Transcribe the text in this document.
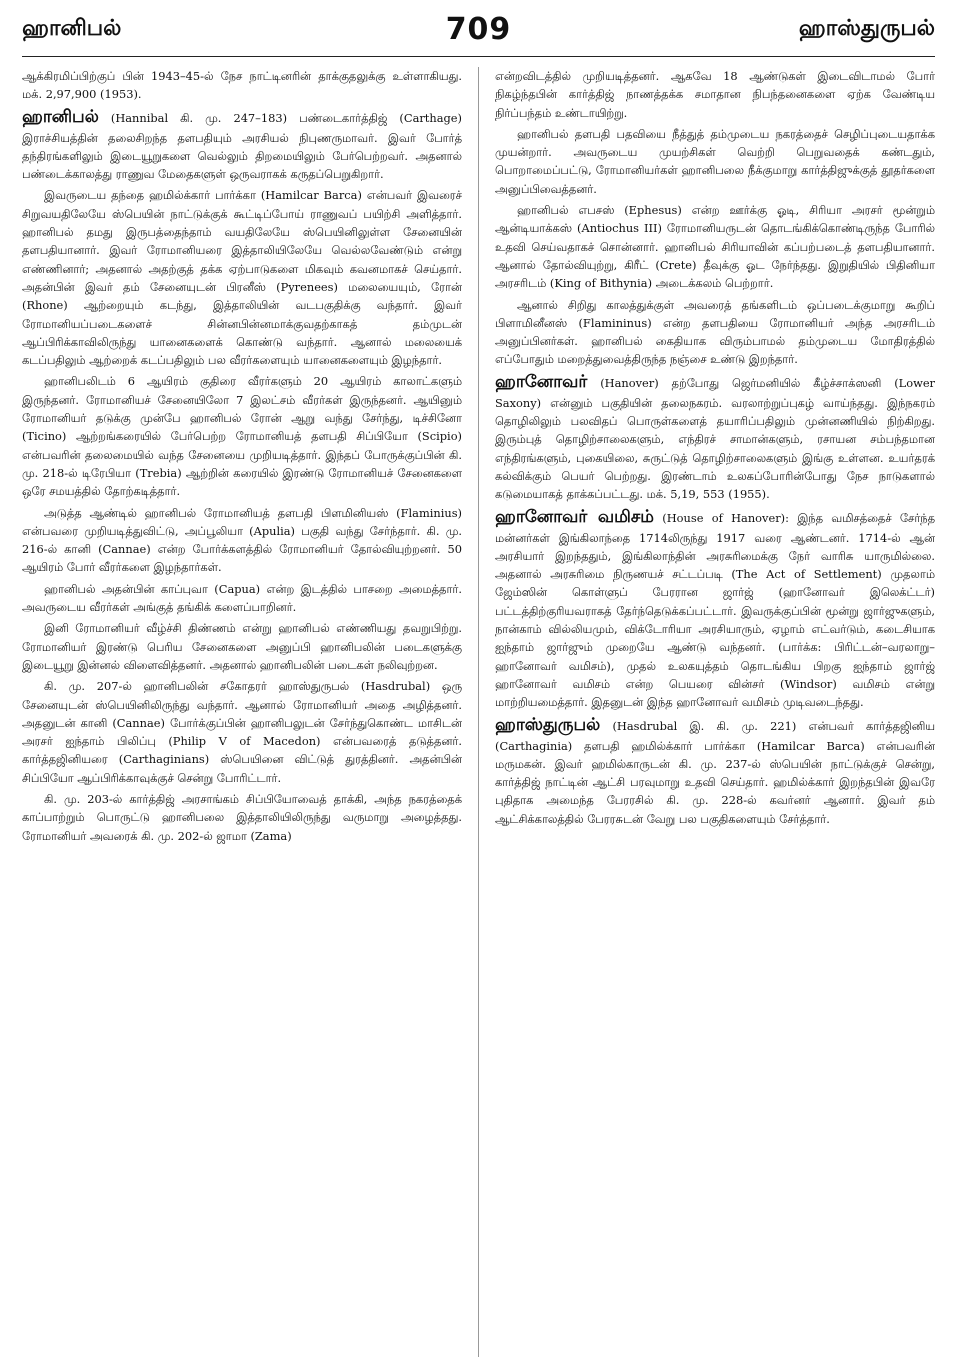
ஹானிபல்	709	ஹாஸ்துருபல்

ஆக்கிரமிப்பிற்குப் பின் 1943–45-ல் நேச நாட்டினரின் தாக்குதலுக்கு உள்ளாகியது. மக். 2,97,900 (1953).

ஹானிபல் (Hannibal கி. மு. 247–183) பண்டைகார்த்திஜ் (Carthage) இராச்சியத்தின் தலைசிறந்த தளபதியும் அரசியல் நிபுணருமாவர். இவர் போர்த் தந்திரங்களிலும் இடையூறுகளை வெல்லும் திறமையிலும் பேர்பெற்றவர். அதனால் பண்டைக்காலத்து ராணுவ மேதைகளுள் ஒருவராகக் கருதப்பெறுகிறார்.

இவருடைய தந்தை ஹமில்க்கார் பார்க்கா (Hamilcar Barca) என்பவர் இவரைச் சிறுவயதிலேயே ஸ்பெயின் நாட்டுக்குக் கூட்டிப்போய் ராணுவப் பயிற்சி அளித்தார். ஹானிபல் தமது இருபத்தைந்தாம் வயதிலேயே ஸ்பெயினிலுள்ள சேனையின் தளபதியானார். இவர் ரோமானியரை இத்தாலியிலேயே வெல்லவேண்டும் என்று எண்ணினார்; அதனால் அதற்குத் தக்க ஏற்பாடுகளை மிகவும் கவனமாகச் செய்தார். அதன்பின் இவர் தம் சேனையுடன் பிரனீஸ் (Pyrenees) மலையையும், ரோன் (Rhone) ஆற்றையும் கடந்து, இத்தாலியின் வடபகுதிக்கு வந்தார். இவர் ரோமானியப்படைகளைச் சின்னபின்னமாக்குவதற்காகத் தம்முடன் ஆப்பிரிக்காவிலிருந்து யானைகளைக் கொண்டு வந்தார். ஆனால் மலையைக் கடப்பதிலும் ஆற்றைக் கடப்பதிலும் பல வீரர்களையும் யானைகளையும் இழந்தார்.

ஹானிபலிடம் 6 ஆயிரம் குதிரை வீரர்களும் 20 ஆயிரம் காலாட்களும் இருந்தனர். ரோமானியச் சேனையிலோ 7 இலட்சம் வீரர்கள் இருந்தனர். ஆயினும் ரோமானியர் தடுக்கு முன்பே ஹானிபல் ரோன் ஆறு வந்து சேர்ந்து, டிச்சினோ (Ticino) ஆற்றங்கரையில் பேர்பெற்ற ரோமானியத் தளபதி சிப்பியோ (Scipio) என்பவரின் தலைமையில் வந்த சேனையை முறியடித்தார். இந்தப் போருக்குப்பின் கி. மு. 218-ல் டிரேபியா (Trebia) ஆற்றின் கரையில் இரண்டு ரோமானியச் சேனைகளை ஒரே சமயத்தில் தோற்கடித்தார்.

அடுத்த ஆண்டில் ஹானிபல் ரோமானியத் தளபதி பிளமினியஸ் (Flaminius) என்பவரை முறியடித்துவிட்டு, அப்பூலியா (Apulia) பகுதி வந்து சேர்ந்தார். கி. மு. 216-ல் கானி (Cannae) என்ற போர்க்களத்தில் ரோமானியர் தோல்வியுற்றனர். 50 ஆயிரம் போர் வீரர்களை இழந்தார்கள்.

ஹானிபல் அதன்பின் காப்புவா (Capua) என்ற இடத்தில் பாசறை அமைத்தார். அவருடைய வீரர்கள் அங்குத் தங்கிக் களைப்பாறினர்.

இனி ரோமானியர் வீழ்ச்சி திண்ணம் என்று ஹானிபல் எண்ணியது தவறுபிற்று. ரோமானியர் இரண்டு பெரிய சேனைகளை அனுப்பி ஹானிபலின் படைகளுக்கு இடையூறு இன்னல் விளைவித்தனர். அதனால் ஹானிபலின் படைகள் நலிவுற்றன.

கி. மு. 207-ல் ஹானிபலின் சகோதரர் ஹாஸ்துருபல் (Hasdrubal) ஒரு சேனையுடன் ஸ்பெயினிலிருந்து வந்தார். ஆனால் ரோமானியர் அதை அழித்தனர். அதனுடன் கானி (Cannae) போர்க்குப்பின் ஹானிபலுடன் சேர்ந்துகொண்ட மாசிடன் அரசர் ஐந்தாம் பிலிப்பு (Philip V of Macedon) என்பவரைத் தடுத்தனர். கார்த்தஜினியரை (Carthaginians) ஸ்பெயினை விட்டுத் துரத்தினர். அதன்பின் சிப்பியோ ஆப்பிரிக்காவுக்குச் சென்று போரிட்டார்.

கி. மு. 203-ல் கார்த்திஜ் அரசாங்கம் சிப்பியோவைத் தாக்கி, அந்த நகரத்தைக் காப்பாற்றும் பொருட்டு ஹானிபலை இத்தாலியிலிருந்து வருமாறு அழைத்தது. ரோமானியர் அவரைக் கி. மு. 202-ல் ஜாமா (Zama)

என்றவிடத்தில் முறியடித்தனர். ஆகவே 18 ஆண்டுகள் இடைவிடாமல் போர் நிகழ்ந்தபின் கார்த்திஜ் நாணத்தக்க சமாதான நிபந்தனைகளை ஏற்க வேண்டிய நிர்ப்பந்தம் உண்டாயிற்று.

ஹானிபல் தளபதி பதவியை நீத்துத் தம்முடைய நகரத்தைச் செழிப்புடையதாக்க முயன்றார். அவருடைய முயற்சிகள் வெற்றி பெறுவதைக் கண்டதும், பொறாமைப்பட்டு, ரோமானியர்கள் ஹானிபலை நீக்குமாறு கார்த்திஜுக்குத் தூதர்களை அனுப்பிவைத்தனர்.

ஹானிபல் எபசஸ் (Ephesus) என்ற ஊர்க்கு ஓடி, சிரியா அரசர் மூன்றும் ஆன்டியாக்கஸ் (Antiochus III) ரோமானியருடன் தொடங்கிக்கொண்டிருந்த போரில் உதவி செய்வதாகச் சொன்னார். ஹானிபல் சிரியாவின் கப்பற்படைத் தளபதியானார். ஆனால் தோல்வியுற்று, கிரீட் (Crete) தீவுக்கு ஓட நேர்ந்தது. இறுதியில் பிதினியா அரசரிடம் (King of Bithynia) அடைக்கலம் பெற்றார்.

ஆனால் சிறிது காலத்துக்குள் அவரைத் தங்களிடம் ஒப்படைக்குமாறு கூறிப் பிளாமினீனஸ் (Flamininus) என்ற தளபதியை ரோமானியர் அந்த அரசரிடம் அனுப்பினர்கள். ஹானிபல் கைதியாக விரும்பாமல் தம்முடைய மோதிரத்தில் எப்போதும் மறைத்துவைத்திருந்த நஞ்சை உண்டு இறந்தார்.

ஹானோவர் (Hanover) தற்போது ஜெர்மனியில் கீழ்ச்சாக்ஸனி (Lower Saxony) என்னும் பகுதியின் தலைநகரம். வரலாற்றுப்புகழ் வாய்ந்தது. இந்நகரம் தொழிலிலும் பலவிதப் பொருள்களைத் தயாரிப்பதிலும் முன்னணியில் நிற்கிறது. இரும்புத் தொழிற்சாலைகளும், எந்திரச் சாமான்களும், ரசாயன சம்பந்தமான எந்திரங்களும், புகையிலை, சுருட்டுத் தொழிற்சாலைகளும் இங்கு உள்ளன. உயர்தரக் கல்விக்கும் பெயர் பெற்றது. இரண்டாம் உலகப்போரின்போது நேச நாடுகளால் கடுமையாகத் தாக்கப்பட்டது. மக். 5,19, 553 (1955).

ஹானோவர் வமிசம் (House of Hanover): இந்த வமிசத்தைச் சேர்ந்த மன்னர்கள் இங்கிலாந்தை 1714லிருந்து 1917 வரை ஆண்டனர். 1714-ல் ஆன் அரசியார் இறந்ததும், இங்கிலாந்தின் அரசுரிமைக்கு நேர் வாரிசு யாருமில்லை. அதனால் அரசுரிமை நிருணயச் சட்டப்படி (The Act of Settlement) முதலாம் ஜேம்ஸின் கொள்ளுப் பேரரான ஜார்ஜ் (ஹானோவர் இலெக்ட்டர்) பட்டத்திற்குரியவராகத் தேர்ந்தெடுக்கப்பட்டார். இவருக்குப்பின் மூன்று ஜார்ஜுகளும், நான்காம் வில்லியமும், விக்டோரியா அரசியாரும், ஏழாம் எட்வர்டும், கடைசியாக ஐந்தாம் ஜார்ஜும் முறையே ஆண்டு வந்தனர். (பார்க்க: பிரிட்டன்–வரலாறு–ஹானோவர் வமிசம்), முதல் உலகயுத்தம் தொடங்கிய பிறகு ஐந்தாம் ஜார்ஜ் ஹானோவர் வமிசம் என்ற பெயரை வின்சர் (Windsor) வமிசம் என்று மாற்றியமைத்தார். இதனுடன் இந்த ஹானோவர் வமிசம் முடிவடைந்தது.

ஹாஸ்துருபல் (Hasdrubal இ. கி. மு. 221) என்பவர் கார்த்தஜினிய (Carthaginia) தளபதி ஹமில்க்கார் பார்க்கா (Hamilcar Barca) என்பவரின் மருமகன். இவர் ஹமில்காருடன் கி. மு. 237-ல் ஸ்பெயின் நாட்டுக்குச் சென்று, கார்த்திஜ் நாட்டின் ஆட்சி பரவுமாறு உதவி செய்தார். ஹமில்க்கார் இறந்தபின் இவரே புதிதாக அமைந்த பேரரசில் கி. மு. 228-ல் கவர்னர் ஆனார். இவர் தம் ஆட்சிக்காலத்தில் பேரரசுடன் வேறு பல பகுதிகளையும் சேர்த்தார்.
